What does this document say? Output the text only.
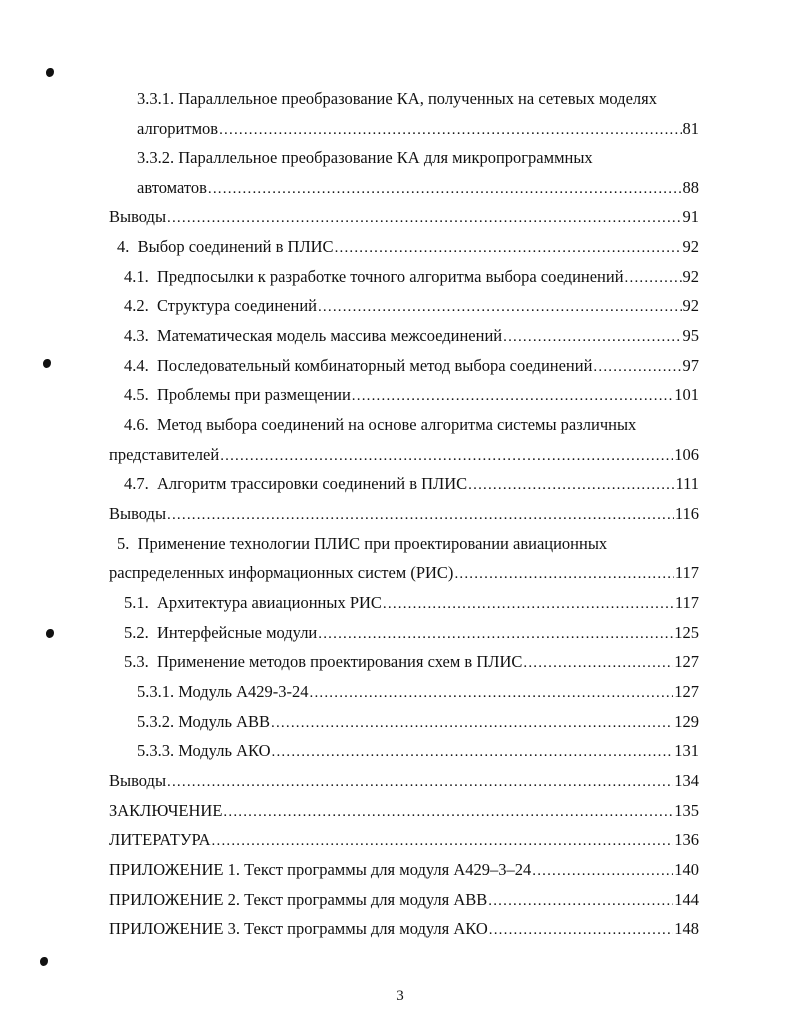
3.3.1. Параллельное преобразование КА, полученных на сетевых моделях
алгоритмов .....	81
3.3.2. Параллельное преобразование КА для микропрограммных
автоматов .....	88
Выводы .....	91
4.  Выбор соединений в ПЛИС .....	92
4.1.  Предпосылки к разработке точного алгоритма выбора соединений .....	92
4.2.  Структура соединений .....	92
4.3.  Математическая модель массива межсоединений .....	95
4.4.  Последовательный комбинаторный метод выбора соединений .....	97
4.5.  Проблемы при размещении .....	101
4.6.  Метод выбора соединений на основе алгоритма системы различных
представителей .....	106
4.7.  Алгоритм трассировки соединений в ПЛИС .....	111
Выводы .....	116
5.  Применение технологии ПЛИС при проектировании авиационных
распределенных информационных систем (РИС) .....	117
5.1.  Архитектура авиационных РИС .....	117
5.2.  Интерфейсные модули .....	125
5.3.  Применение методов проектирования схем в ПЛИС .....	127
5.3.1. Модуль А429-3-24 .....	127
5.3.2. Модуль АВВ .....	129
5.3.3. Модуль АКО .....	131
Выводы .....	134
ЗАКЛЮЧЕНИЕ .....	135
ЛИТЕРАТУРА .....	136
ПРИЛОЖЕНИЕ 1. Текст программы для модуля А429–3–24 .....	140
ПРИЛОЖЕНИЕ 2. Текст программы для модуля АВВ .....	144
ПРИЛОЖЕНИЕ 3. Текст программы для модуля АКО .....	148
3
